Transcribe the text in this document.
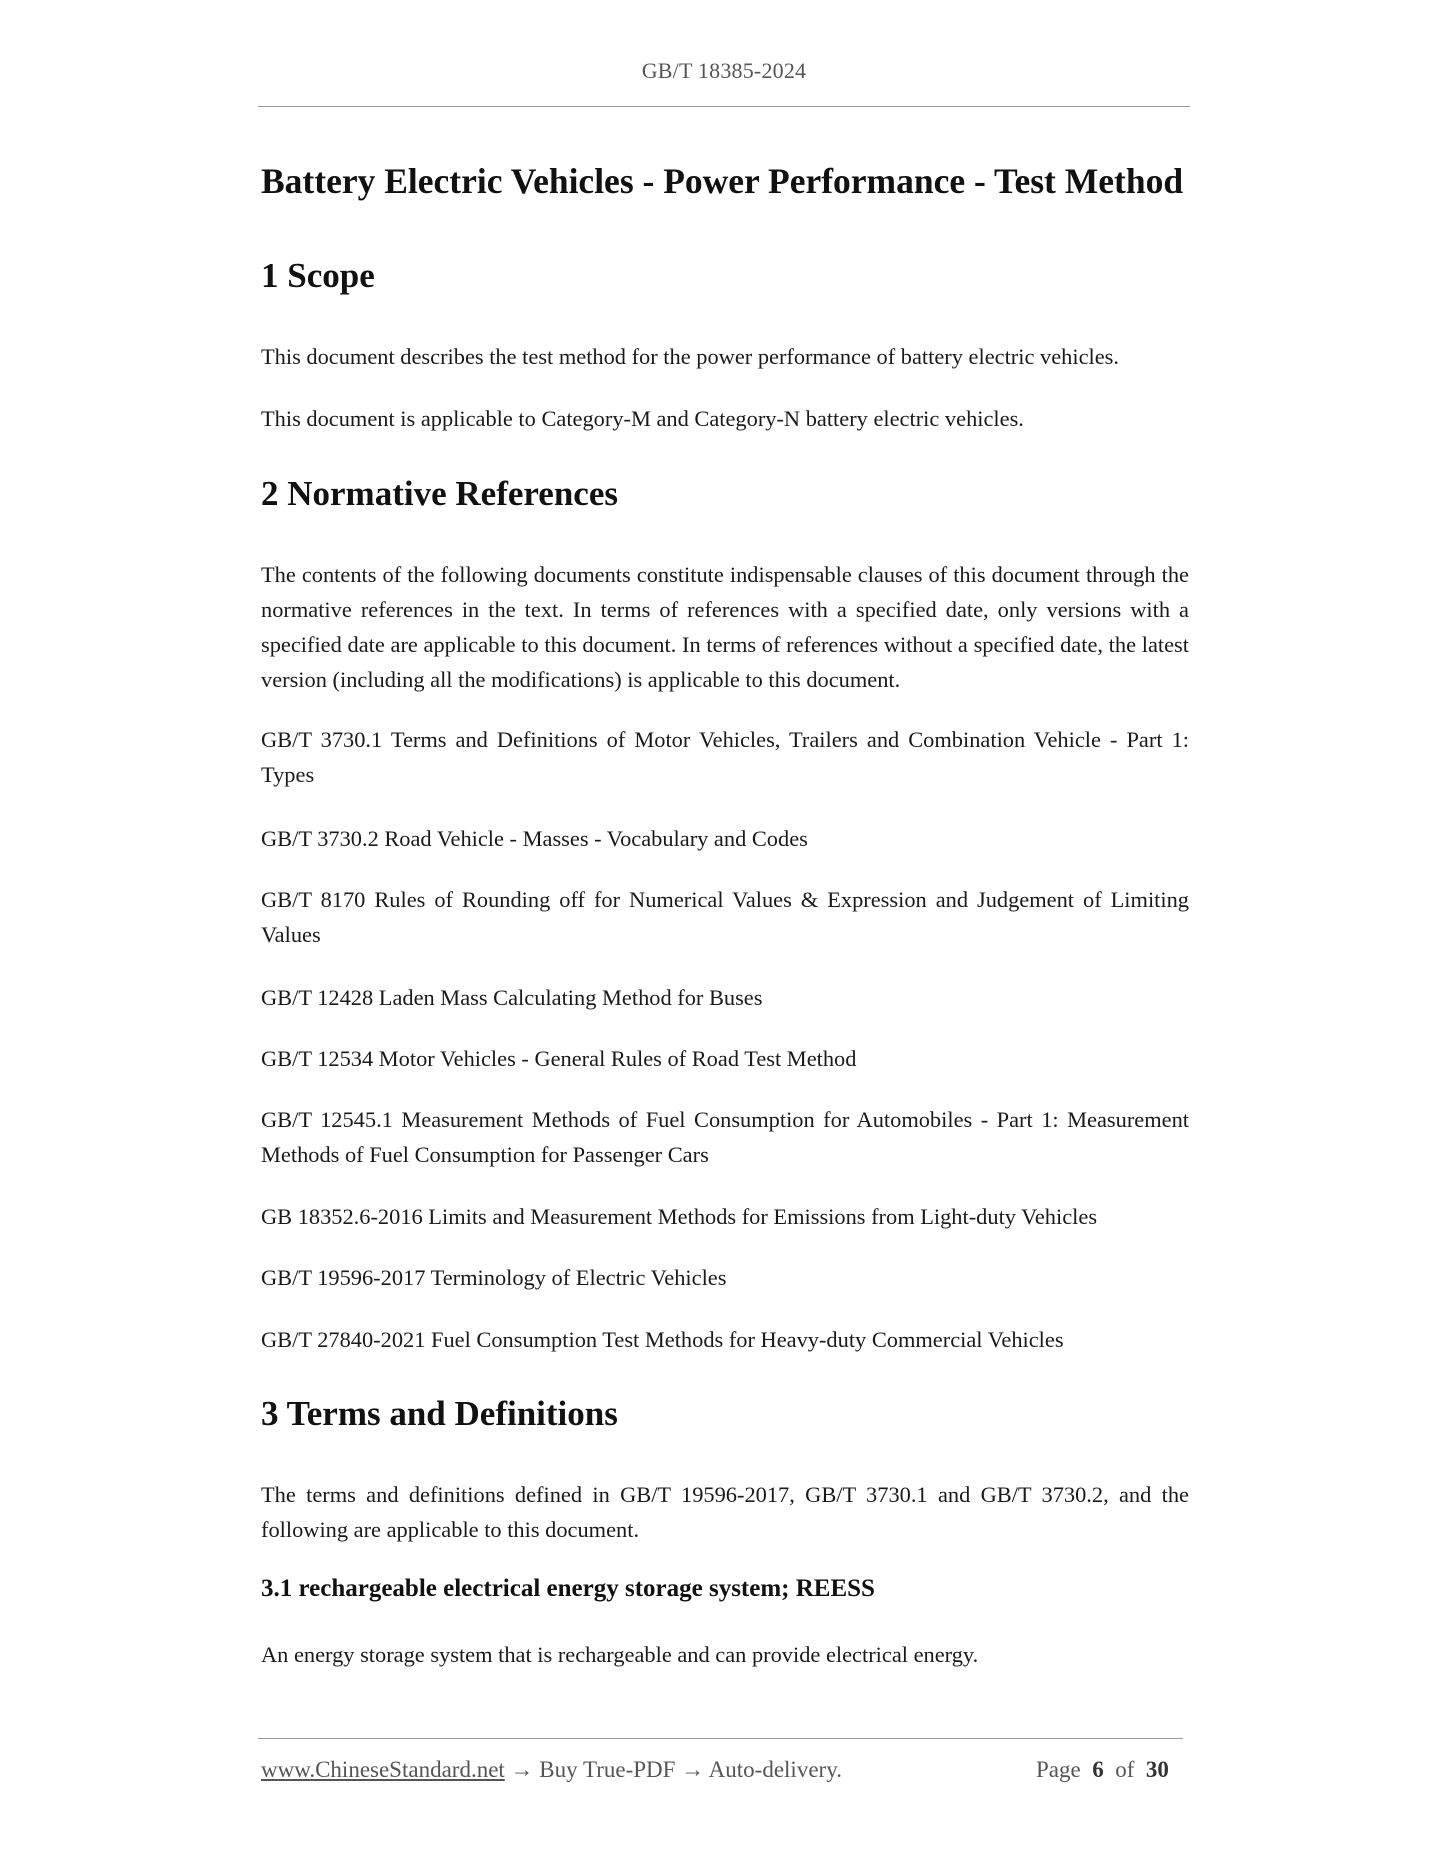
GB/T 18385-2024
Battery Electric Vehicles - Power Performance - Test Method
1 Scope

This document describes the test method for the power performance of battery electric vehicles.

This document is applicable to Category-M and Category-N battery electric vehicles.

2 Normative References

The contents of the following documents constitute indispensable clauses of this document through the normative references in the text. In terms of references with a specified date, only versions with a specified date are applicable to this document. In terms of references without a specified date, the latest version (including all the modifications) is applicable to this document.

GB/T 3730.1 Terms and Definitions of Motor Vehicles, Trailers and Combination Vehicle - Part 1: Types

GB/T 3730.2 Road Vehicle - Masses - Vocabulary and Codes

GB/T 8170 Rules of Rounding off for Numerical Values & Expression and Judgement of Limiting Values

GB/T 12428 Laden Mass Calculating Method for Buses

GB/T 12534 Motor Vehicles - General Rules of Road Test Method

GB/T 12545.1 Measurement Methods of Fuel Consumption for Automobiles - Part 1: Measurement Methods of Fuel Consumption for Passenger Cars

GB 18352.6-2016 Limits and Measurement Methods for Emissions from Light-duty Vehicles

GB/T 19596-2017 Terminology of Electric Vehicles

GB/T 27840-2021 Fuel Consumption Test Methods for Heavy-duty Commercial Vehicles

3 Terms and Definitions

The terms and definitions defined in GB/T 19596-2017, GB/T 3730.1 and GB/T 3730.2, and the following are applicable to this document.

3.1 rechargeable electrical energy storage system; REESS

An energy storage system that is rechargeable and can provide electrical energy.

www.ChineseStandard.net → Buy True-PDF → Auto-delivery.	Page 6 of 30
